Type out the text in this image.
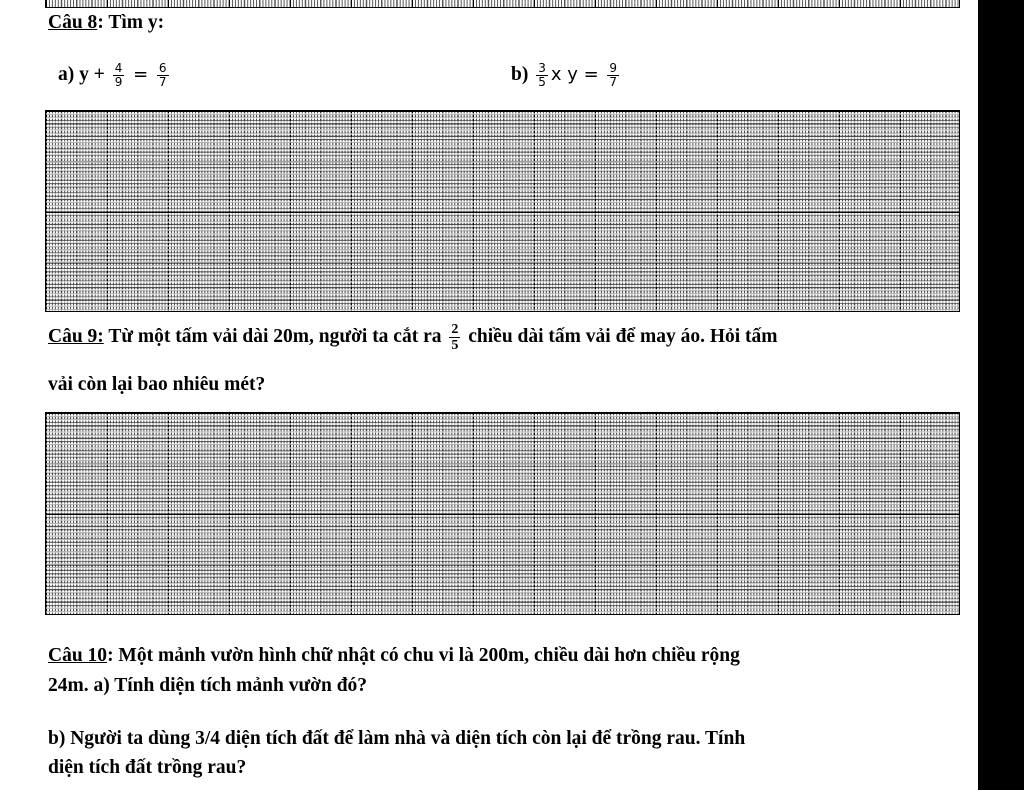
Câu 8: Tìm y:
a) $y + \frac{4}{9} = \frac{6}{7}$	$b) \frac{3}{5}$ x $y = \frac{9}{7}$
Câu 9: Từ một tấm vải dài 20m, người ta cắt ra $\frac{2}{5}$ chiều dài tấm vải để may áo. Hỏi tấm
vải còn lại bao nhiêu mét?
Câu 10: Một mảnh vườn hình chữ nhật có chu vi là 200m, chiều dài hơn chiều rộng
24m. a) Tính diện tích mảnh vườn đó?
b) Người ta dùng 3/4 diện tích đất để làm nhà và diện tích còn lại để trồng rau. Tính
diện tích đất trồng rau?
